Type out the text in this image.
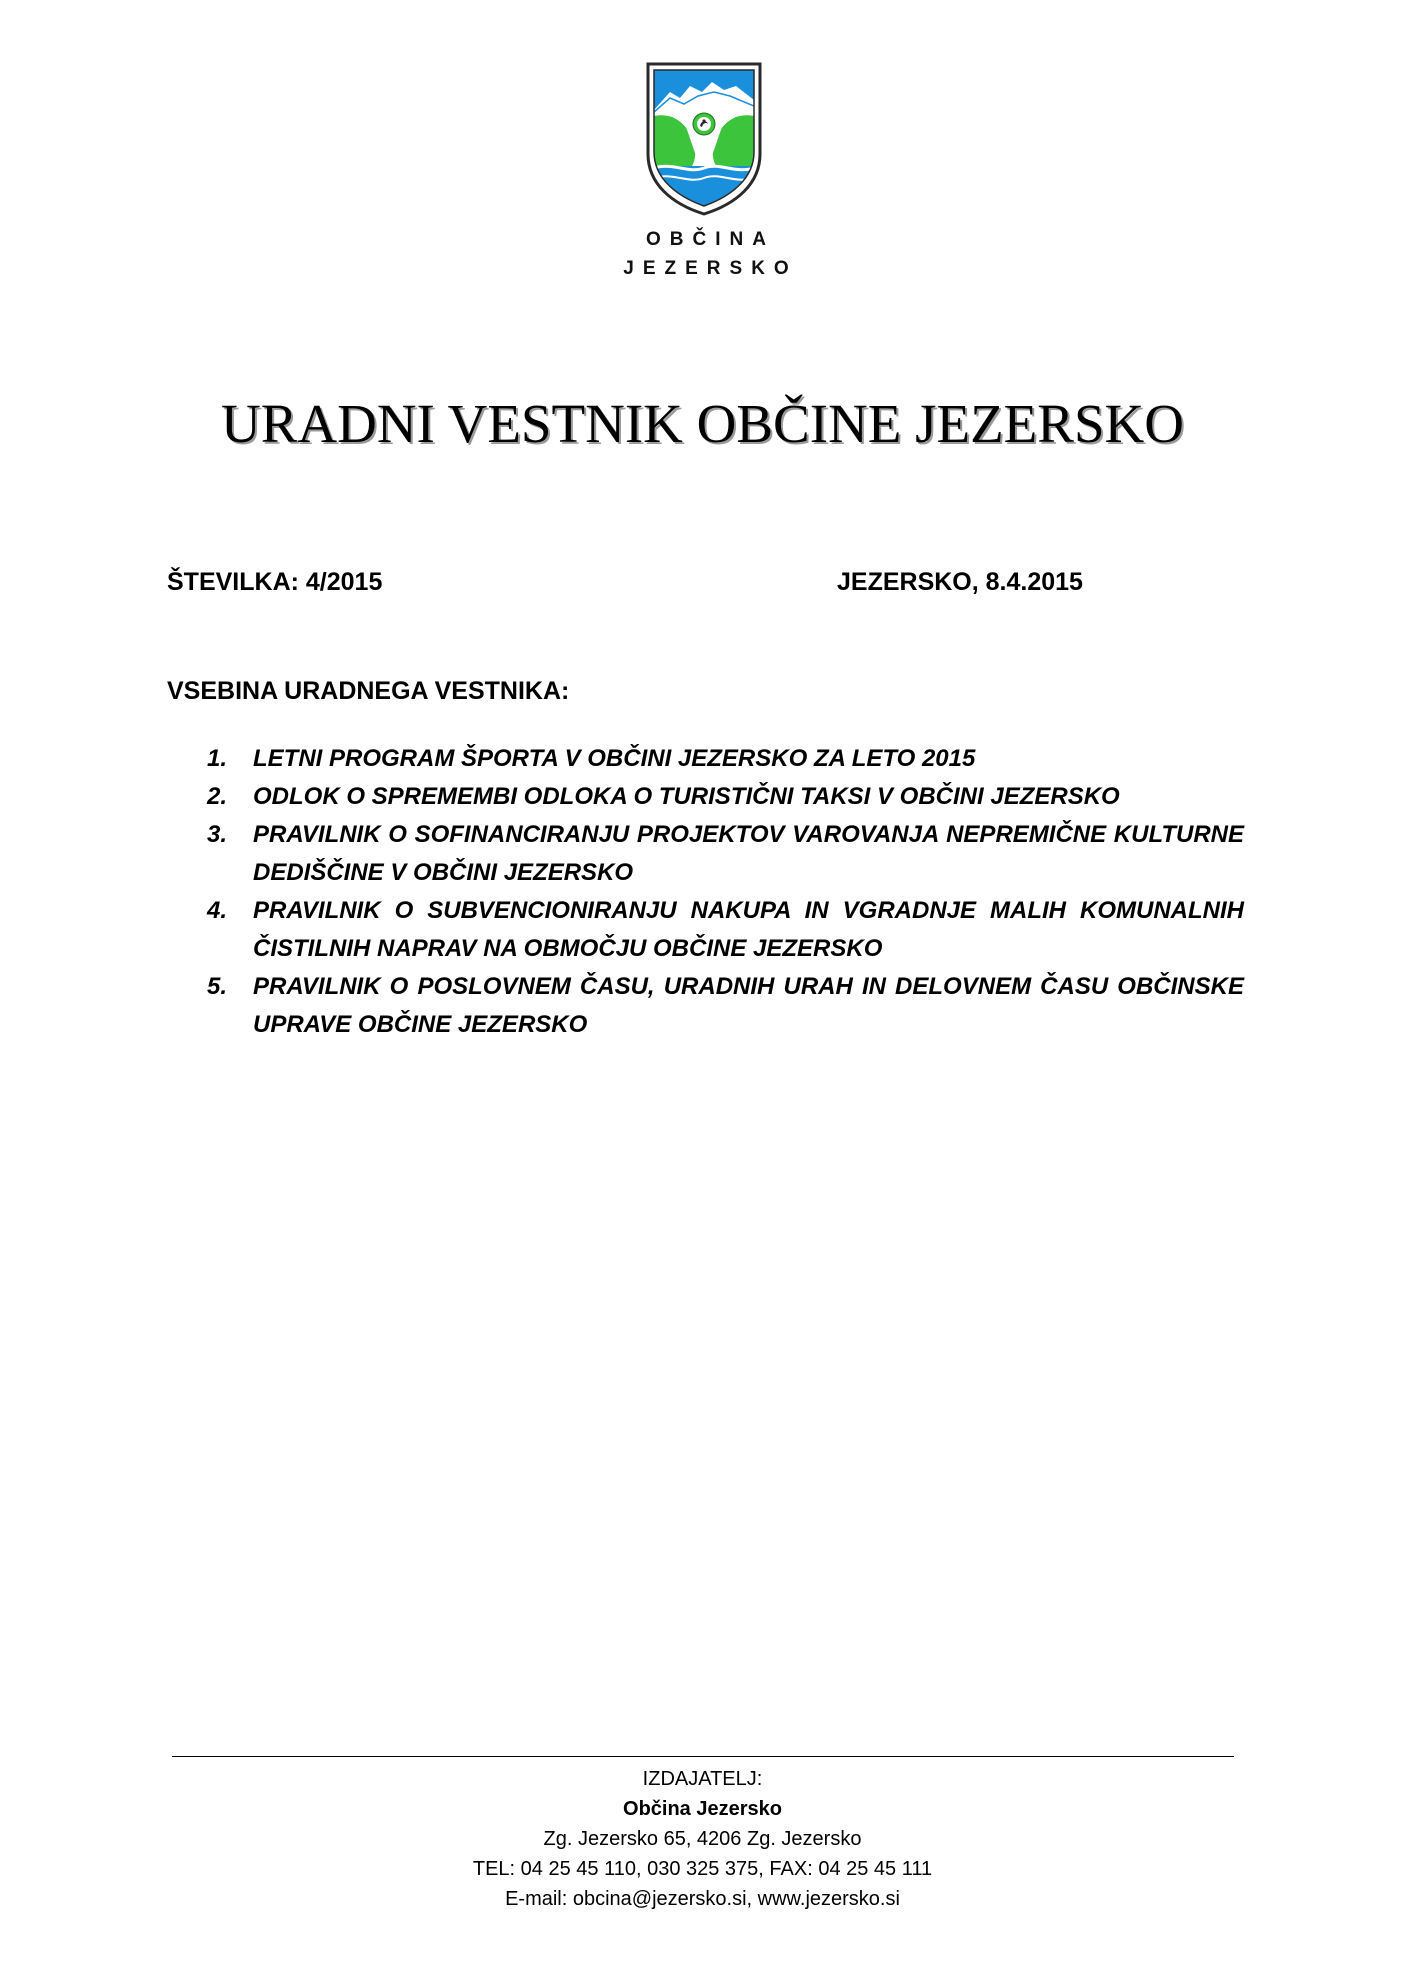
OBČINA
JEZERSKO
URADNI VESTNIK OBČINE JEZERSKO
ŠTEVILKA: 4/2015	JEZERSKO, 8.4.2015
VSEBINA URADNEGA VESTNIKA:
1. LETNI PROGRAM ŠPORTA V OBČINI JEZERSKO ZA LETO 2015
2. ODLOK O SPREMEMBI ODLOKA O TURISTIČNI TAKSI V OBČINI JEZERSKO
3. PRAVILNIK O SOFINANCIRANJU PROJEKTOV VAROVANJA NEPREMIČNE KULTURNE DEDIŠČINE V OBČINI JEZERSKO
4. PRAVILNIK O SUBVENCIONIRANJU NAKUPA IN VGRADNJE MALIH KOMUNALNIH ČISTILNIH NAPRAV NA OBMOČJU OBČINE JEZERSKO
5. PRAVILNIK O POSLOVNEM ČASU, URADNIH URAH IN DELOVNEM ČASU OBČINSKE UPRAVE OBČINE JEZERSKO
IZDAJATELJ:
Občina Jezersko
Zg. Jezersko 65, 4206 Zg. Jezersko
TEL: 04 25 45 110, 030 325 375, FAX: 04 25 45 111
E-mail: obcina@jezersko.si, www.jezersko.si
